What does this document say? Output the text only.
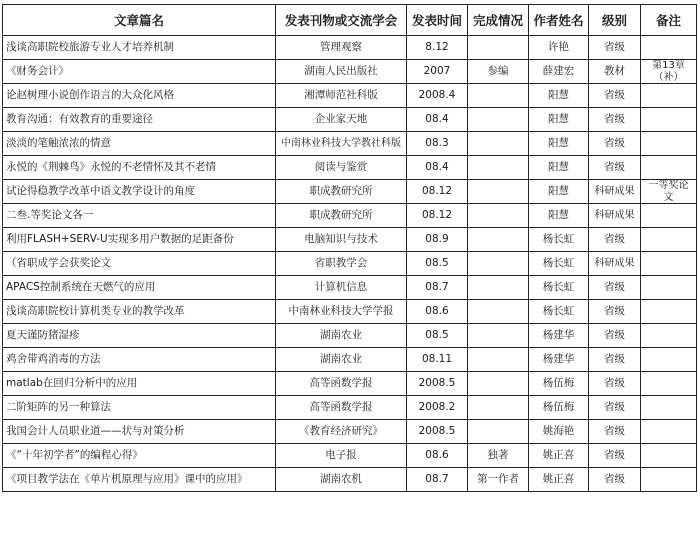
文章篇名	发表刊物或交流学会	发表时间	完成情况	作者姓名	级别	备注
浅谈高职院校旅游专业人才培养机制	管理观察	8.12		许艳	省级	
《财务会计》	湖南人民出版社	2007	参编	薛建宏	教材	第13章（补）
论赵树理小说创作语言的大众化风格	湘潭师范社科版	2008.4		阳慧	省级	
教育沟通：有效教育的重要途径	企业家天地	08.4		阳慧	省级	
淡淡的笔触浓浓的情意	中南林业科技大学教社科版	08.3		阳慧	省级	
永悦的《荆棘鸟》永悦的不老情怀及其不老情	阅读与鉴赏	08.4		阳慧	省级	
试论得稳教学改革中语文教学设计的角度	职成教研究所	08.12		阳慧	科研成果	一等奖论文
二叁.等奖论文各一	职成教研究所	08.12		阳慧	科研成果	
利用FLASH+SERV-U实现多用户数据的足距备份	电脑知识与技术	08.9		杨长虹	省级	
（省职成学会获奖论文	省职教学会	08.5		杨长虹	科研成果	
APACS控制系统在天燃气的应用	计算机信息	08.7		杨长虹	省级	
浅谈高职院校计算机类专业的教学改革	中南林业科技大学学报	08.6		杨长虹	省级	
夏天谨防猪湿疹	湖南农业	08.5		杨建华	省级	
鸡舍带鸡消毒的方法	湖南农业	08.11		杨建华	省级	
matlab在回归分析中的应用	高等函数学报	2008.5		杨伍梅	省级	
二阶矩阵的另一种算法	高等函数学报	2008.2		杨伍梅	省级	
我国会计人员职业道——状与对策分析	《教育经济研究》	2008.5		姚海艳	省级	
《“十年初学者”的编程心得》	电子报	08.6	独著	姚正喜	省级	
《项目教学法在《单片机原理与应用》课中的应用》	湖南农机	08.7	第一作者	姚正喜	省级	
